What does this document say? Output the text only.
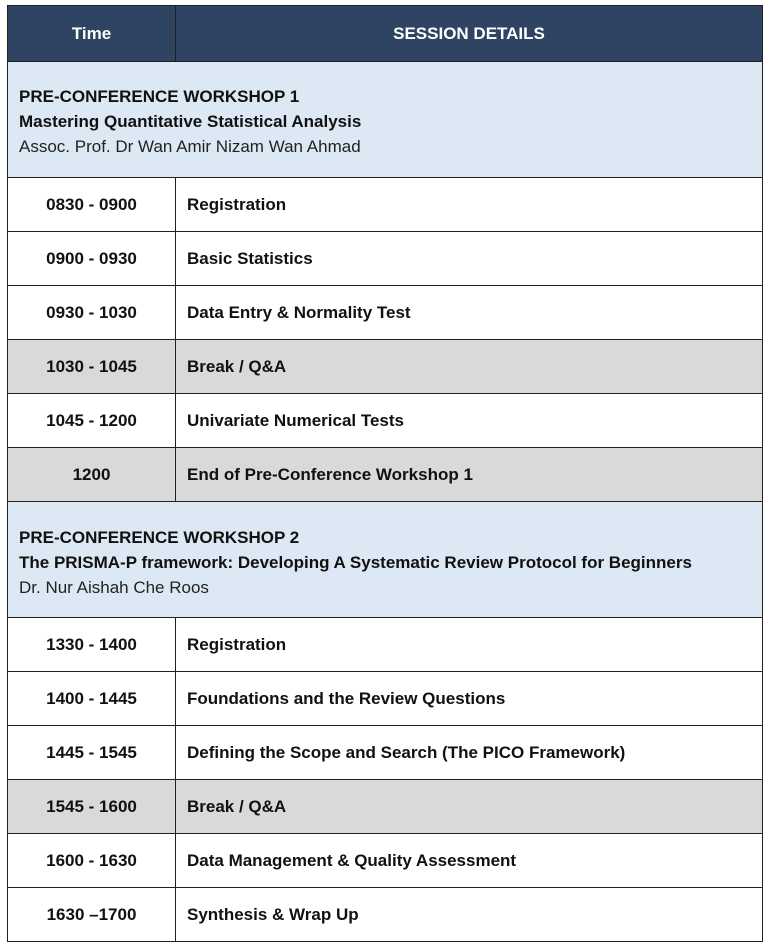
Time	SESSION DETAILS

PRE-CONFERENCE WORKSHOP 1
Mastering Quantitative Statistical Analysis
Assoc. Prof. Dr Wan Amir Nizam Wan Ahmad	

0830 - 0900	Registration
0900 - 0930	Basic Statistics
0930 - 1030	Data Entry & Normality Test
1030 - 1045	Break / Q&A
1045 - 1200	Univariate Numerical Tests
1200	End of Pre-Conference Workshop 1

PRE-CONFERENCE WORKSHOP 2
The PRISMA-P framework: Developing A Systematic Review Protocol for Beginners
Dr. Nur Aishah Che Roos	

1330 - 1400	Registration
1400 - 1445	Foundations and the Review Questions
1445 - 1545	Defining the Scope and Search (The PICO Framework)
1545 - 1600	Break / Q&A
1600 - 1630	Data Management & Quality Assessment
1630 –1700	Synthesis & Wrap Up
